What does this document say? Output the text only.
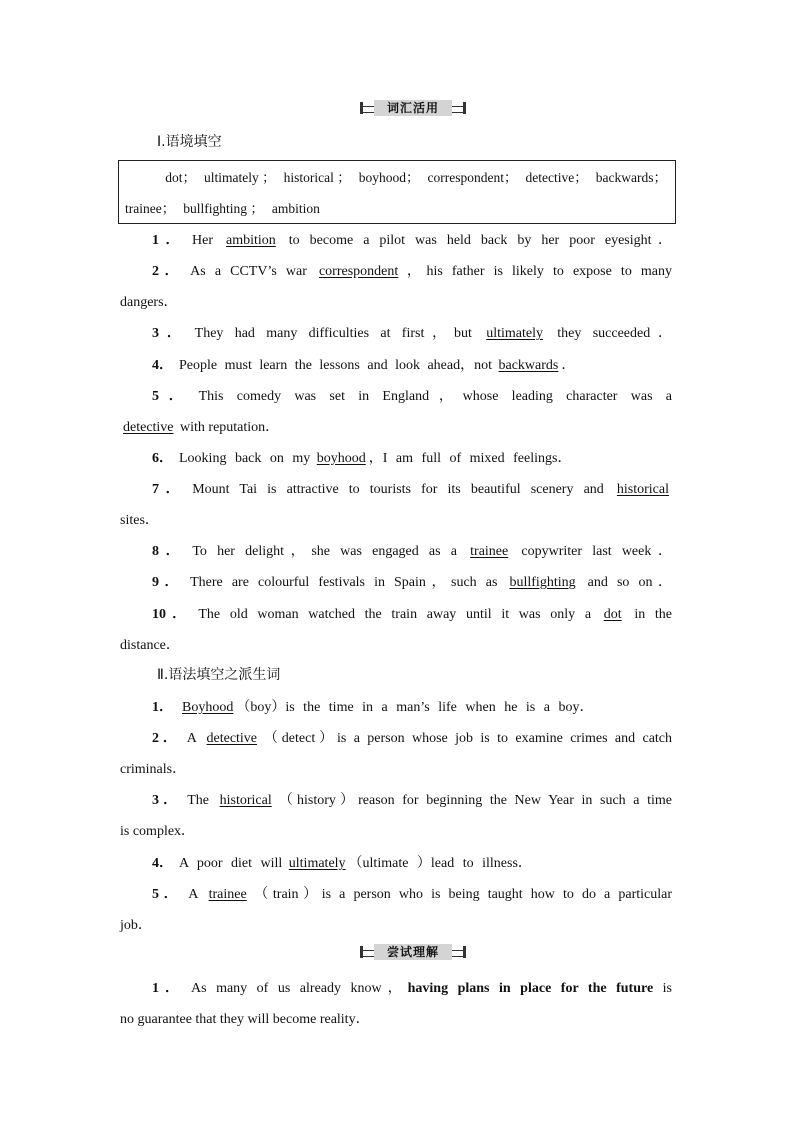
词汇活用
Ⅰ.语境填空
dot； ultimately ； historical ； boyhood； correspondent； detective； backwards；
trainee； bullfighting ； ambition
1． Her ambition to become a pilot was held back by her poor eyesight．
2． As a CCTV’s war correspondent ，his father is likely to expose to many
dangers．
3． They had many difficulties at first，but ultimately they succeeded．
4． People must learn the lessons and look ahead，not backwards ．
5． This comedy was set in England，whose leading character was a
detective with reputation．
6． Looking back on my boyhood ，I am full of mixed feelings．
7． Mount Tai is attractive to tourists for its beautiful scenery and historical
sites．
8． To her delight，she was engaged as a trainee copywriter last week．
9． There are colourful festivals in Spain，such as bullfighting and so on．
10． The old woman watched the train away until it was only a dot in the
distance．
Ⅱ.语法填空之派生词
1． Boyhood （boy）is the time in a man’s life when he is a boy．
2． A detective （detect）is a person whose job is to examine crimes and catch
criminals．
3． The historical （history）reason for beginning the New Year in such a time
is complex．
4． A poor diet will ultimately （ultimate ）lead to illness．
5． A trainee （train）is a person who is being taught how to do a particular
job．
尝试理解
1． As many of us already know，having plans in place for the future is
no guarantee that they will become reality．
